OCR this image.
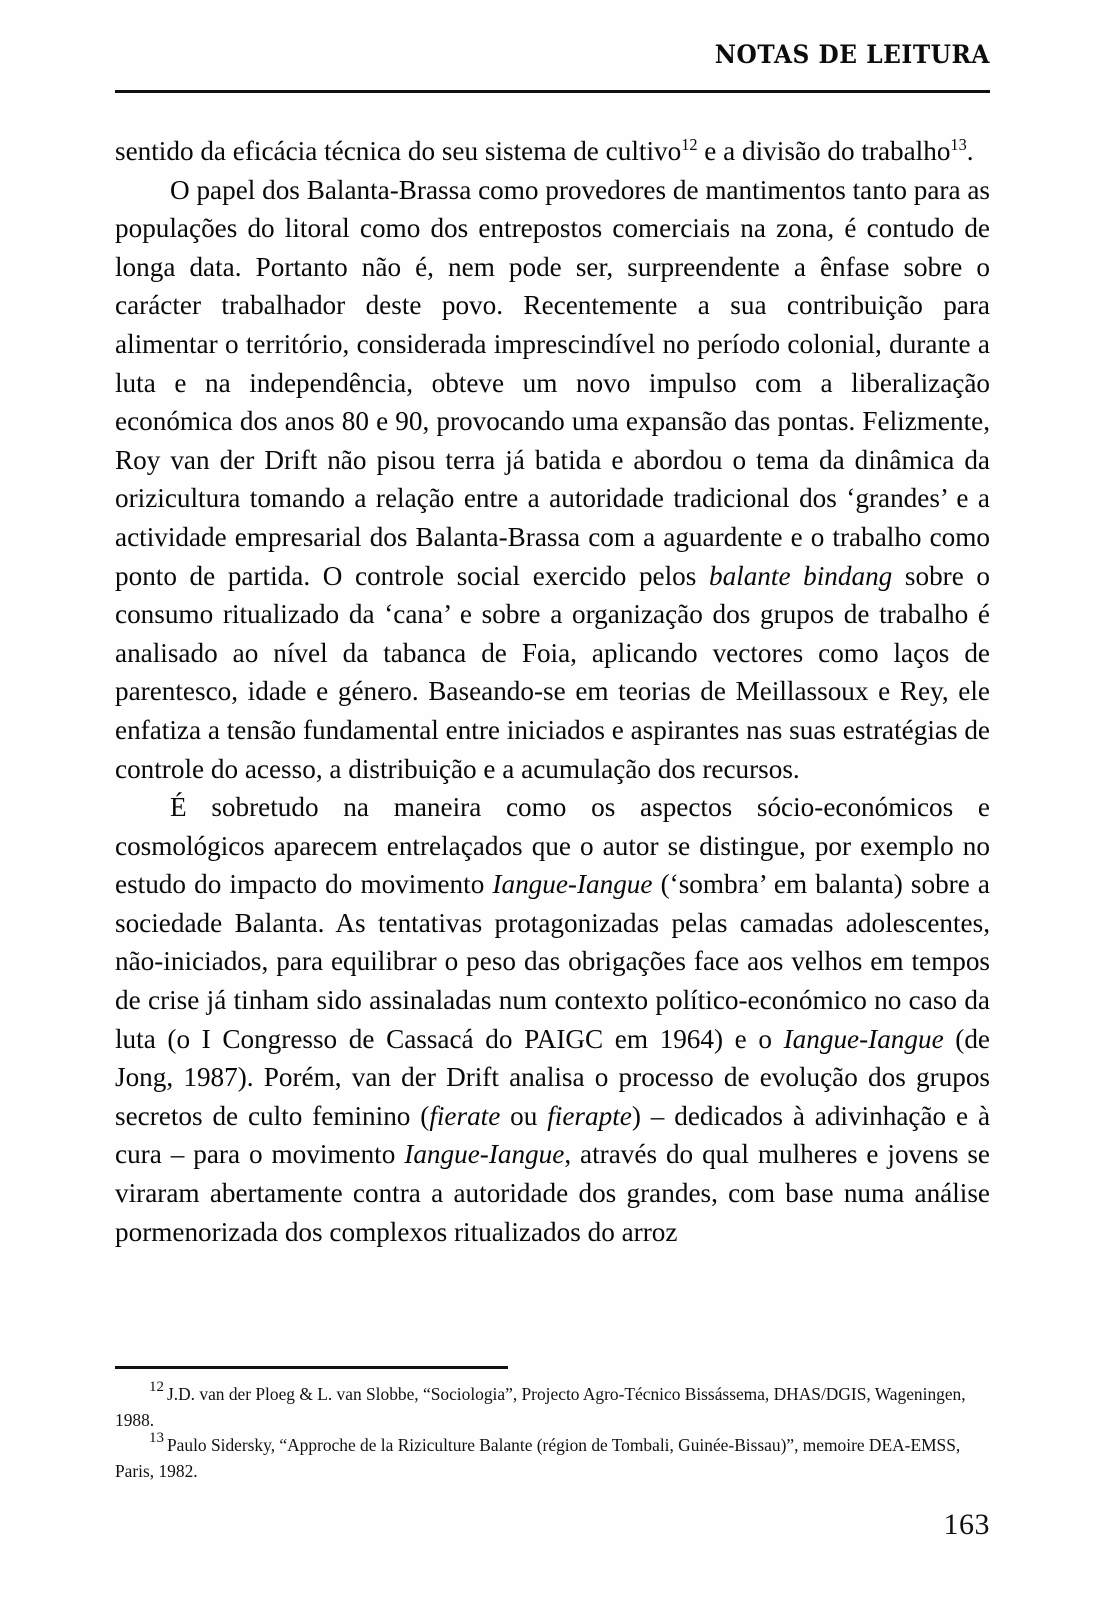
NOTAS DE LEITURA

sentido da eficácia técnica do seu sistema de cultivo$^{12}$ e a divisão do trabalho$^{13}$.

O papel dos Balanta-Brassa como provedores de mantimentos tanto para as populações do litoral como dos entrepostos comerciais na zona, é contudo de longa data. Portanto não é, nem pode ser, surpreendente a ênfase sobre o carácter trabalhador deste povo. Recentemente a sua contribuição para alimentar o território, considerada imprescindível no período colonial, durante a luta e na independência, obteve um novo impulso com a liberalização económica dos anos 80 e 90, provocando uma expansão das pontas. Felizmente, Roy van der Drift não pisou terra já batida e abordou o tema da dinâmica da orizicultura tomando a relação entre a autoridade tradicional dos ‘grandes’ e a actividade empresarial dos Balanta-Brassa com a aguardente e o trabalho como ponto de partida. O controle social exercido pelos balante bindang sobre o consumo ritualizado da ‘cana’ e sobre a organização dos grupos de trabalho é analisado ao nível da tabanca de Foia, aplicando vectores como laços de parentesco, idade e género. Baseando-se em teorias de Meillassoux e Rey, ele enfatiza a tensão fundamental entre iniciados e aspirantes nas suas estratégias de controle do acesso, a distribuição e a acumulação dos recursos.

É sobretudo na maneira como os aspectos sócio-económicos e cosmológicos aparecem entrelaçados que o autor se distingue, por exemplo no estudo do impacto do movimento Iangue-Iangue (‘sombra’ em balanta) sobre a sociedade Balanta. As tentativas protagonizadas pelas camadas adolescentes, não-iniciados, para equilibrar o peso das obrigações face aos velhos em tempos de crise já tinham sido assinaladas num contexto político-económico no caso da luta (o I Congresso de Cassacá do PAIGC em 1964) e o Iangue-Iangue (de Jong, 1987). Porém, van der Drift analisa o processo de evolução dos grupos secretos de culto feminino (fierate ou fierapte) – dedicados à adivinhação e à cura – para o movimento Iangue-Iangue, através do qual mulheres e jovens se viraram abertamente contra a autoridade dos grandes, com base numa análise pormenorizada dos complexos ritualizados do arroz

12 J.D. van der Ploeg & L. van Slobbe, “Sociologia”, Projecto Agro-Técnico Bissássema, DHAS/DGIS, Wageningen, 1988.

13 Paulo Sidersky, “Approche de la Riziculture Balante (région de Tombali, Guinée-Bissau)”, memoire DEA-EMSS, Paris, 1982.

163
